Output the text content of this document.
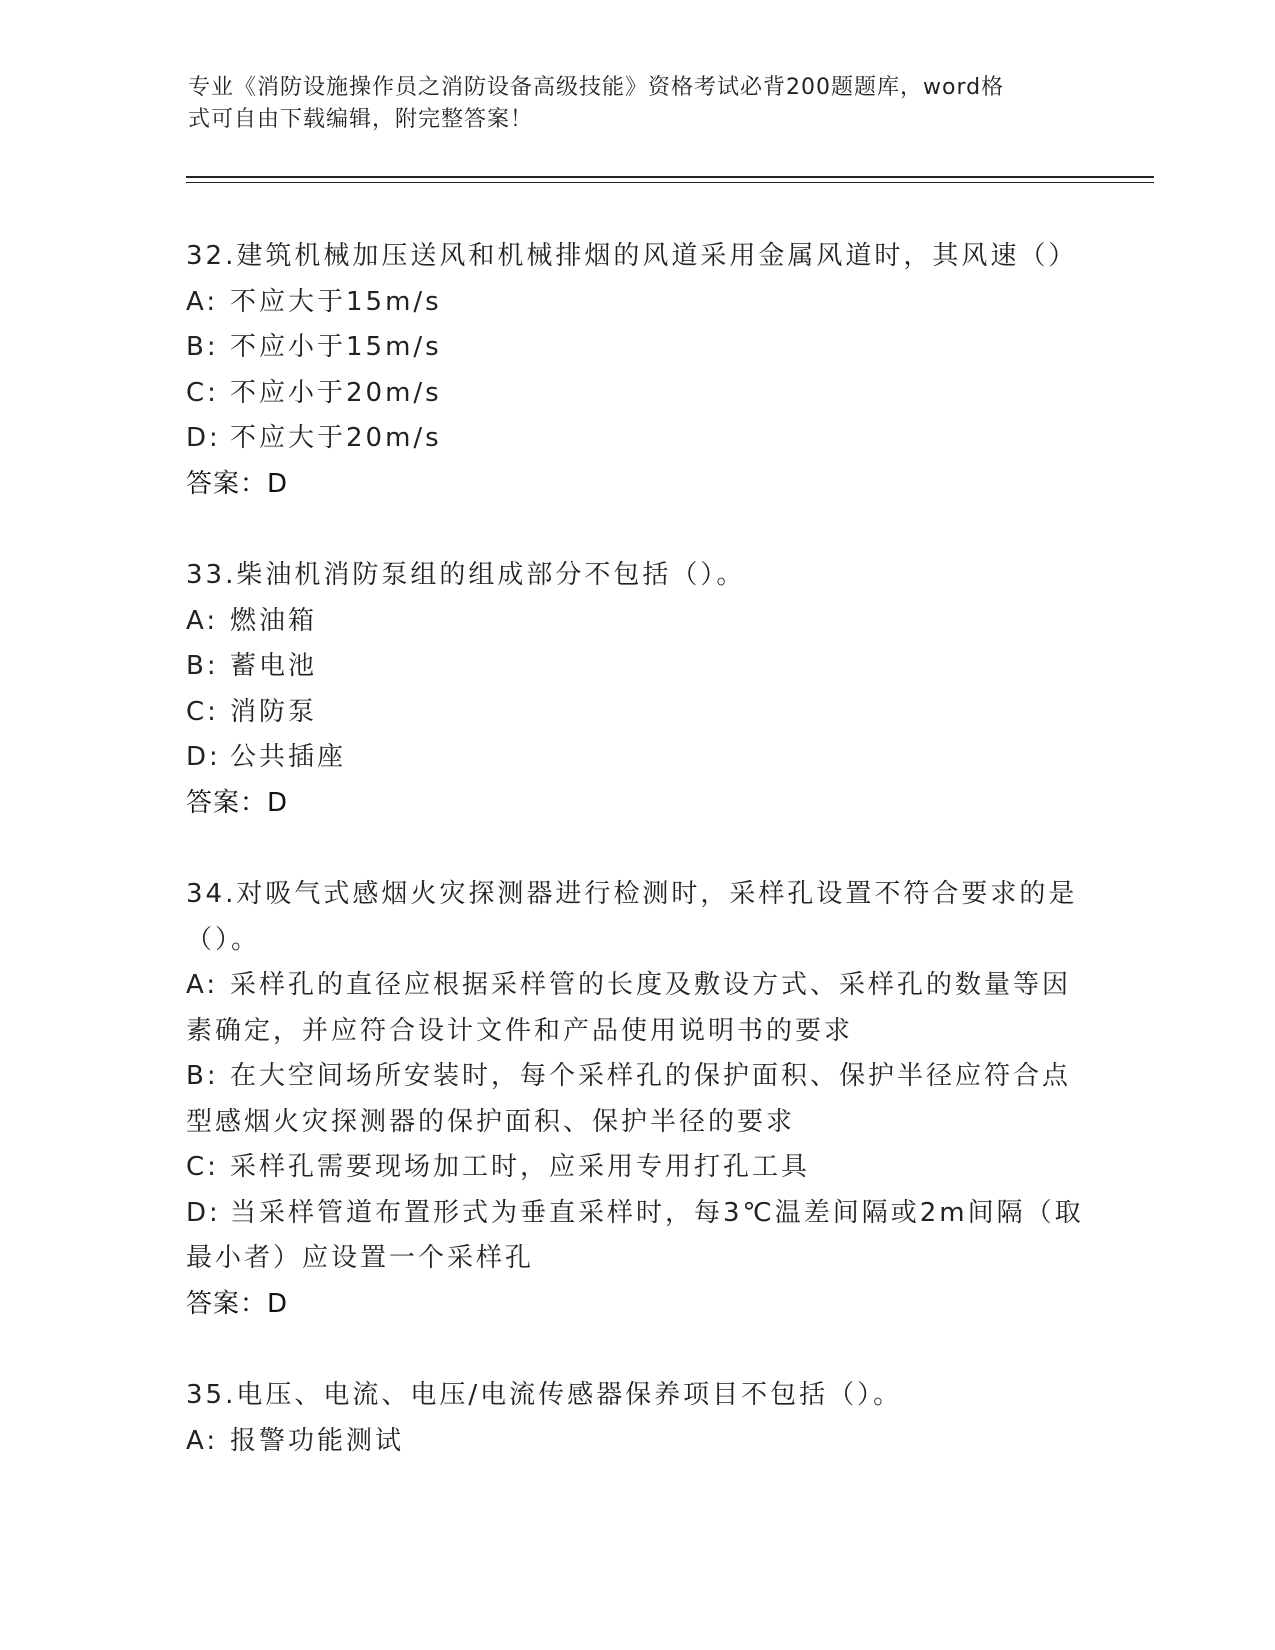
专业《消防设施操作员之消防设备高级技能》资格考试必背200题题库，word格
式可自由下载编辑，附完整答案！
32.建筑机械加压送风和机械排烟的风道采用金属风道时，其风速（）
A: 不应大于15m/s
B: 不应小于15m/s
C: 不应小于20m/s
D: 不应大于20m/s
答案：D
33.柴油机消防泵组的组成部分不包括（）。
A: 燃油箱
B: 蓄电池
C: 消防泵
D: 公共插座
答案：D
34.对吸气式感烟火灾探测器进行检测时，采样孔设置不符合要求的是
（）。
A: 采样孔的直径应根据采样管的长度及敷设方式、采样孔的数量等因
素确定，并应符合设计文件和产品使用说明书的要求
B: 在大空间场所安装时，每个采样孔的保护面积、保护半径应符合点
型感烟火灾探测器的保护面积、保护半径的要求
C: 采样孔需要现场加工时，应采用专用打孔工具
D: 当采样管道布置形式为垂直采样时，每3℃温差间隔或2m间隔（取
最小者）应设置一个采样孔
答案：D
35.电压、电流、电压/电流传感器保养项目不包括（）。
A: 报警功能测试
